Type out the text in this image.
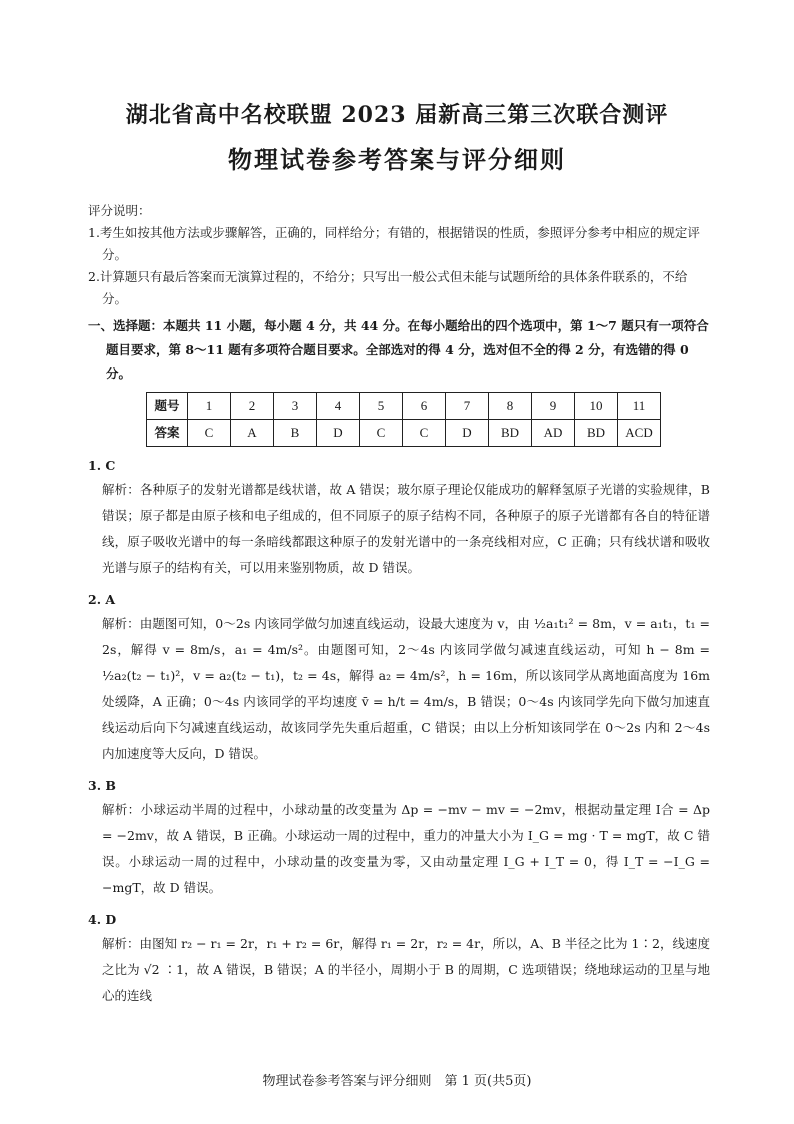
湖北省高中名校联盟 2023 届新高三第三次联合测评
物理试卷参考答案与评分细则

评分说明：

1.考生如按其他方法或步骤解答，正确的，同样给分；有错的，根据错误的性质，参照评分参考中相应的规定评分。

2.计算题只有最后答案而无演算过程的，不给分；只写出一般公式但未能与试题所给的具体条件联系的，不给分。

一、选择题：本题共 11 小题，每小题 4 分，共 44 分。在每小题给出的四个选项中，第 1～7 题只有一项符合题目要求，第 8～11 题有多项符合题目要求。全部选对的得 4 分，选对但不全的得 2 分，有选错的得 0 分。

题号	1	2	3	4	5	6	7	8	9	10	11
答案	C	A	B	D	C	C	D	BD	AD	BD	ACD

1. C

解析：各种原子的发射光谱都是线状谱，故 A 错误；玻尔原子理论仅能成功的解释氢原子光谱的实验规律，B 错误；原子都是由原子核和电子组成的，但不同原子的原子结构不同，各种原子的原子光谱都有各自的特征谱线，原子吸收光谱中的每一条暗线都跟这种原子的发射光谱中的一条亮线相对应，C 正确；只有线状谱和吸收光谱与原子的结构有关，可以用来鉴别物质，故 D 错误。

2. A

解析：由题图可知，0～2s 内该同学做匀加速直线运动，设最大速度为 v，由 ½a₁t₁² = 8m，v = a₁t₁，t₁ = 2s，解得 v = 8m/s，a₁ = 4m/s²。由题图可知，2～4s 内该同学做匀减速直线运动，可知 h − 8m = ½a₂(t₂ − t₁)²，v = a₂(t₂ − t₁)，t₂ = 4s，解得 a₂ = 4m/s²，h = 16m，所以该同学从离地面高度为 16m 处缓降，A 正确；0～4s 内该同学的平均速度 v̄ = h/t = 4m/s，B 错误；0～4s 内该同学先向下做匀加速直线运动后向下匀减速直线运动，故该同学先失重后超重，C 错误；由以上分析知该同学在 0～2s 内和 2～4s 内加速度等大反向，D 错误。

3. B

解析：小球运动半周的过程中，小球动量的改变量为 Δp = −mv − mv = −2mv，根据动量定理 I合 = Δp = −2mv，故 A 错误，B 正确。小球运动一周的过程中，重力的冲量大小为 I_G = mg · T = mgT，故 C 错误。小球运动一周的过程中，小球动量的改变量为零，又由动量定理 I_G + I_T = 0，得 I_T = −I_G = −mgT，故 D 错误。

4. D

解析：由图知 r₂ − r₁ = 2r，r₁ + r₂ = 6r，解得 r₁ = 2r，r₂ = 4r，所以，A、B 半径之比为 1∶2，线速度之比为 √2 ∶1，故 A 错误，B 错误；A 的半径小，周期小于 B 的周期，C 选项错误；绕地球运动的卫星与地心的连线

物理试卷参考答案与评分细则　第 1 页(共5页)
